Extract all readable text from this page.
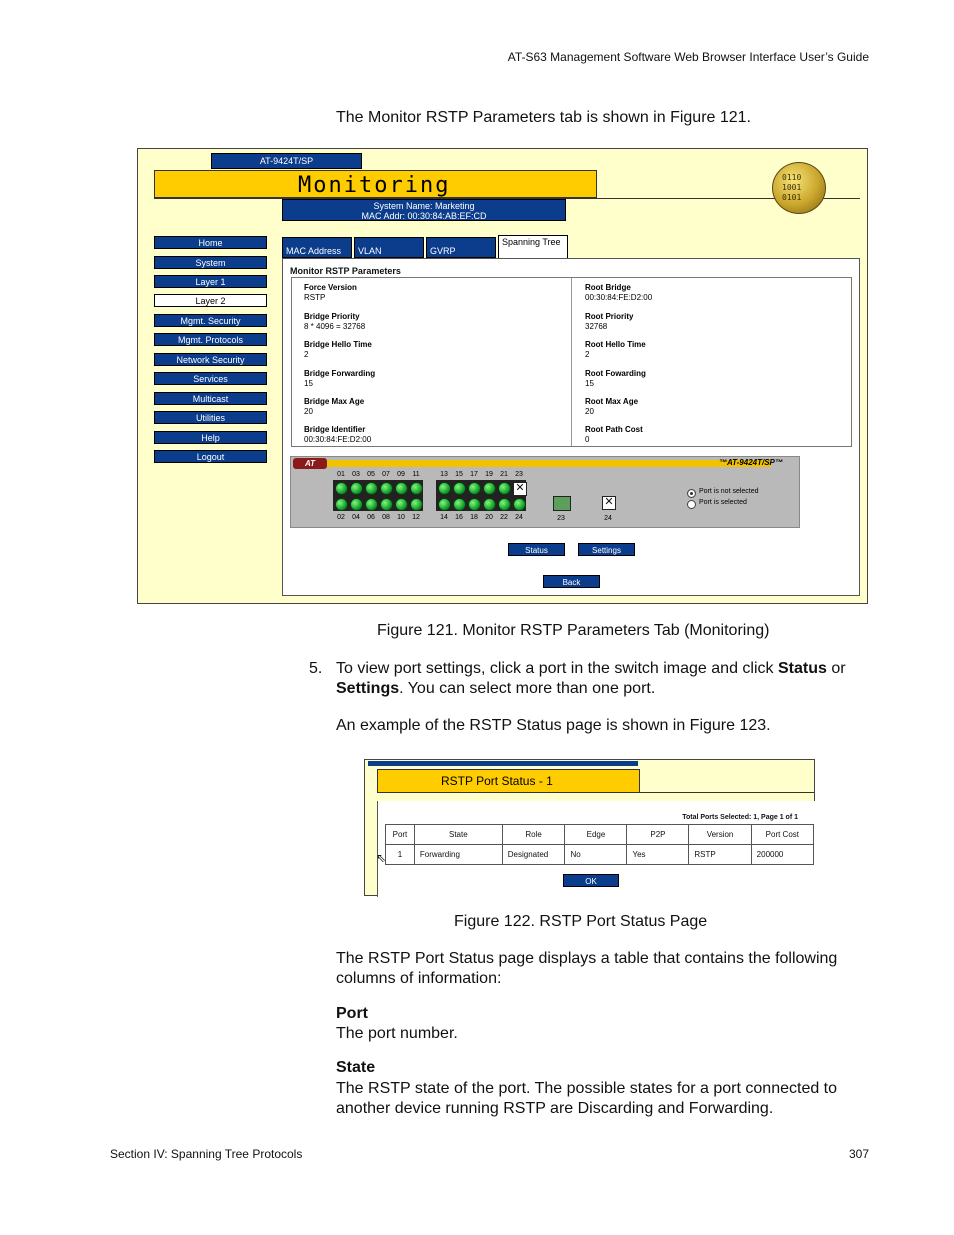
AT-S63 Management Software Web Browser Interface User’s Guide
The Monitor RSTP Parameters tab is shown in Figure 121.
AT-9424T/SP
Monitoring
System Name: Marketing
MAC Addr: 00:30:84:AB:EF:CD
0110 1001 0101
Home
System
Layer 1
Layer 2
Mgmt. Security
Mgmt. Protocols
Network Security
Services
Multicast
Utilities
Help
Logout
MAC Address	VLAN	GVRP
Spanning Tree
Monitor RSTP Parameters
Force Version
RSTP
Bridge Priority
8 * 4096 = 32768
Bridge Hello Time
2
Bridge Forwarding
15
Bridge Max Age
20
Bridge Identifier
00:30:84:FE:D2:00
Root Bridge
00:30:84:FE:D2:00
Root Priority
32768
Root Hello Time
2
Root Fowarding
15
Root Max Age
20
Root Path Cost
0
AT	™AT-9424T/SP™
01
02
03
04
05
06
07
08
09
10
11
12
13
14
15
16
17
18
19
20
21
22
23
24
✕
✕
23	24
Port is not selected
Port is selected
Status	Settings
Back
Figure 121. Monitor RSTP Parameters Tab (Monitoring)
5. To view port settings, click a port in the switch image and click Status or Settings. You can select more than one port.
An example of the RSTP Status page is shown in Figure 123.
RSTP Port Status - 1
Total Ports Selected: 1, Page 1 of 1
Port	State	Role	Edge	P2P	Version	Port Cost
1	Forwarding	Designated	No	Yes	RSTP	200000
⇖
OK
Figure 122. RSTP Port Status Page
The RSTP Port Status page displays a table that contains the following columns of information:
Port
The port number.
State
The RSTP state of the port. The possible states for a port connected to another device running RSTP are Discarding and Forwarding.
Section IV: Spanning Tree Protocols	307
